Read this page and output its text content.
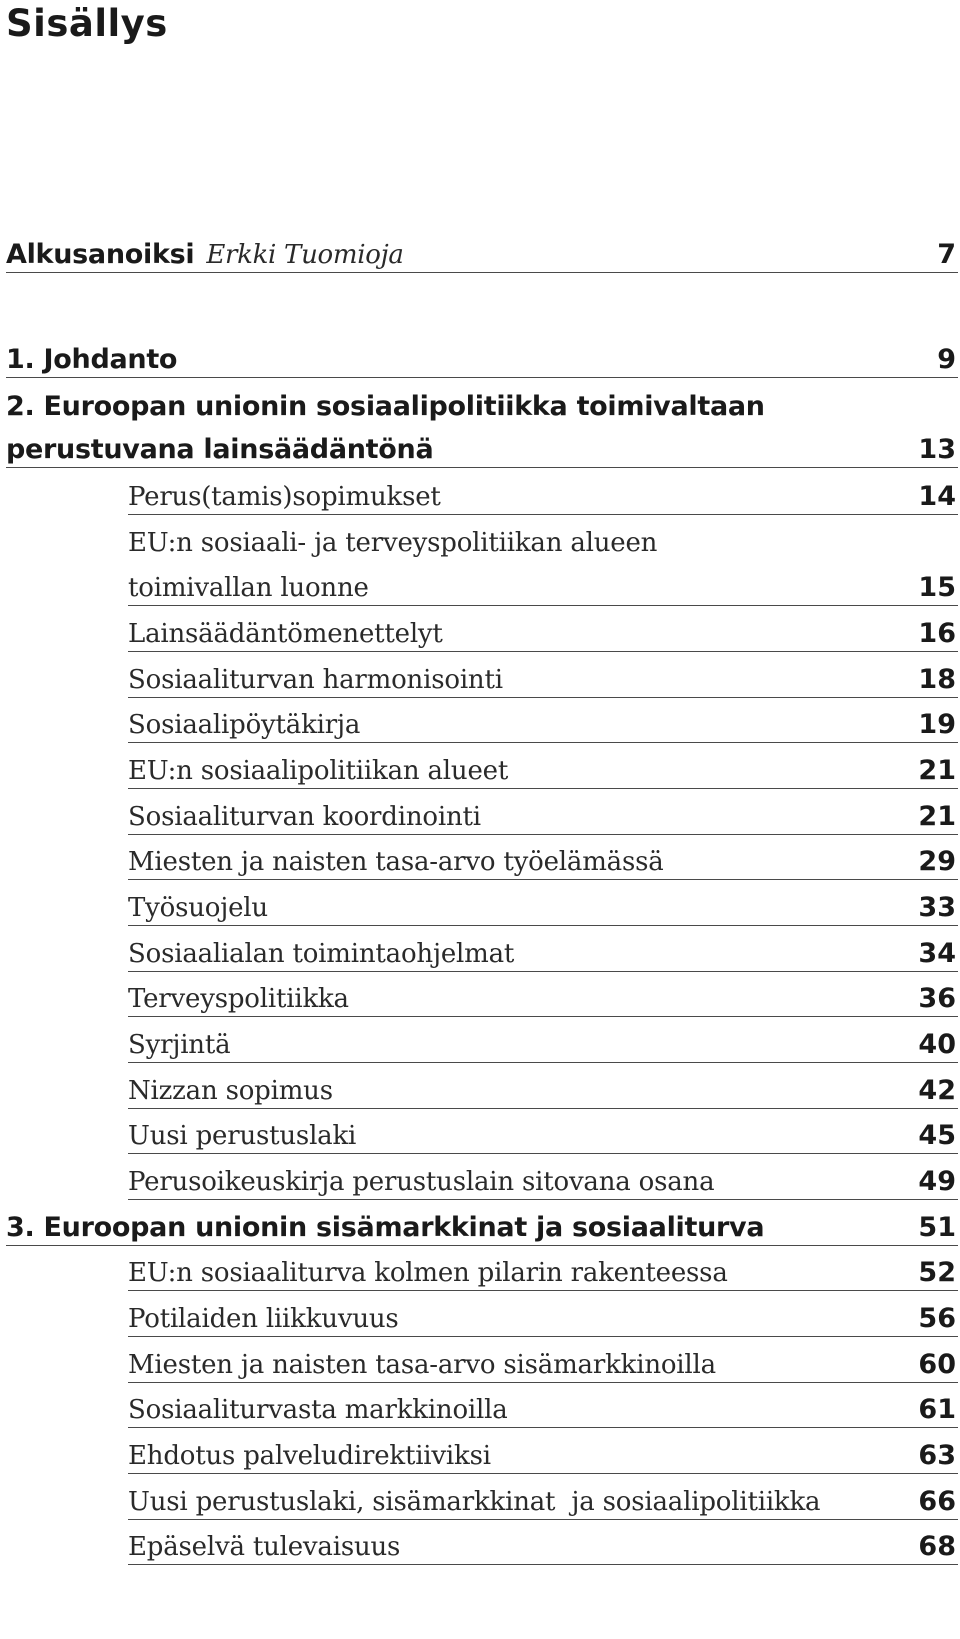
Sisällys
Alkusanoiksi Erkki Tuomioja	7
1. Johdanto	9
2. Euroopan unionin sosiaalipolitiikka toimivaltaan
perustuvana lainsäädäntönä	13
Perus(tamis)sopimukset	14
EU:n sosiaali- ja terveyspolitiikan alueen
toimivallan luonne	15
Lainsäädäntömenettelyt	16
Sosiaaliturvan harmonisointi	18
Sosiaalipöytäkirja	19
EU:n sosiaalipolitiikan alueet	21
Sosiaaliturvan koordinointi	21
Miesten ja naisten tasa-arvo työelämässä	29
Työsuojelu	33
Sosiaalialan toimintaohjelmat	34
Terveyspolitiikka	36
Syrjintä	40
Nizzan sopimus	42
Uusi perustuslaki	45
Perusoikeuskirja perustuslain sitovana osana	49
3. Euroopan unionin sisämarkkinat ja sosiaaliturva	51
EU:n sosiaaliturva kolmen pilarin rakenteessa	52
Potilaiden liikkuvuus	56
Miesten ja naisten tasa-arvo sisämarkkinoilla	60
Sosiaaliturvasta markkinoilla	61
Ehdotus palveludirektiiviksi	63
Uusi perustuslaki, sisämarkkinat  ja sosiaalipolitiikka	66
Epäselvä tulevaisuus	68
